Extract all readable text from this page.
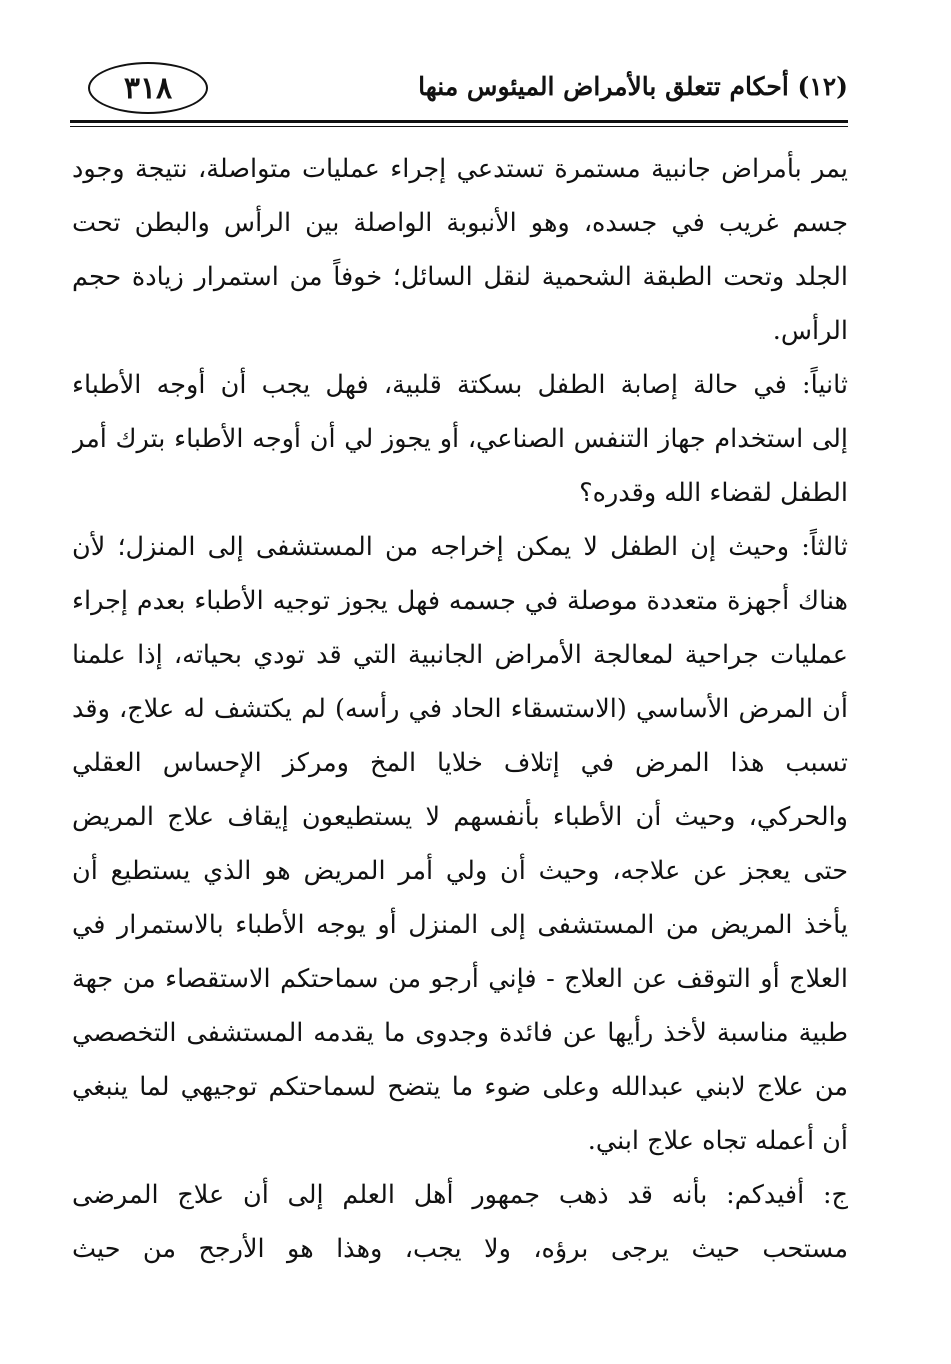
(١٢) أحكام تتعلق بالأمراض الميئوس منها
٣١٨
يمر بأمراض جانبية مستمرة تستدعي إجراء عمليات متواصلة، نتيجة وجود
جسم غريب في جسده، وهو الأنبوبة الواصلة بين الرأس والبطن تحت
الجلد وتحت الطبقة الشحمية لنقل السائل؛ خوفاً من استمرار زيادة حجم
الرأس.
ثانياً: في حالة إصابة الطفل بسكتة قلبية، فهل يجب أن أوجه الأطباء
إلى استخدام جهاز التنفس الصناعي، أو يجوز لي أن أوجه الأطباء بترك أمر
الطفل لقضاء الله وقدره؟
ثالثاً: وحيث إن الطفل لا يمكن إخراجه من المستشفى إلى المنزل؛ لأن
هناك أجهزة متعددة موصلة في جسمه فهل يجوز توجيه الأطباء بعدم إجراء
عمليات جراحية لمعالجة الأمراض الجانبية التي قد تودي بحياته، إذا علمنا
أن المرض الأساسي (الاستسقاء الحاد في رأسه) لم يكتشف له علاج، وقد
تسبب هذا المرض في إتلاف خلايا المخ ومركز الإحساس العقلي
والحركي، وحيث أن الأطباء بأنفسهم لا يستطيعون إيقاف علاج المريض
حتى يعجز عن علاجه، وحيث أن ولي أمر المريض هو الذي يستطيع أن
يأخذ المريض من المستشفى إلى المنزل أو يوجه الأطباء بالاستمرار في
العلاج أو التوقف عن العلاج - فإني أرجو من سماحتكم الاستقصاء من جهة
طبية مناسبة لأخذ رأيها عن فائدة وجدوى ما يقدمه المستشفى التخصصي
من علاج لابني عبدالله وعلى ضوء ما يتضح لسماحتكم توجيهي لما ينبغي
أن أعمله تجاه علاج ابني.
ج: أفيدكم: بأنه قد ذهب جمهور أهل العلم إلى أن علاج المرضى
مستحب حيث يرجى برؤه، ولا يجب، وهذا هو الأرجح من حيث
